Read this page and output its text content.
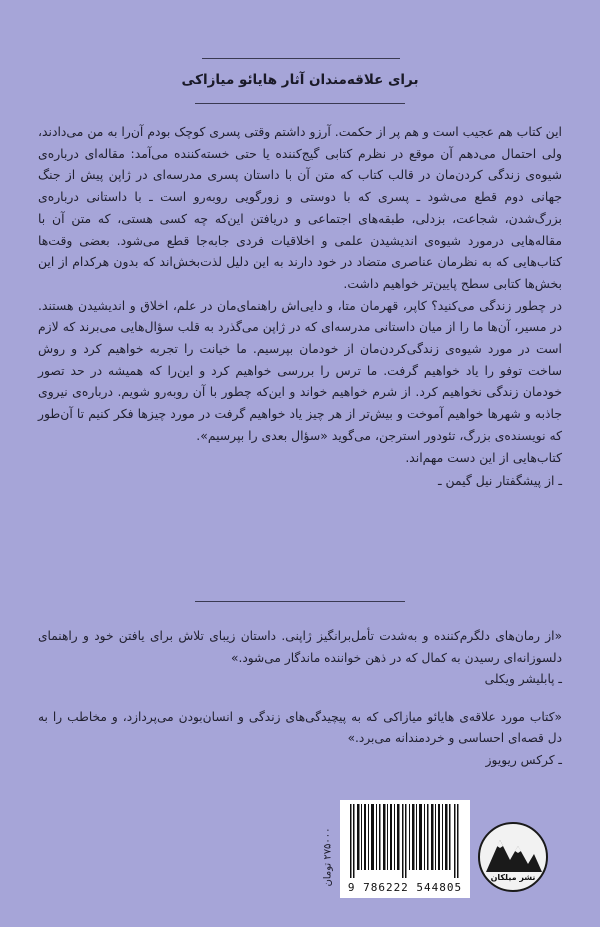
برای علاقه‌مندان آثار هایائو میازاکی

این کتاب هم عجیب است و هم پر از حکمت. آرزو داشتم وقتی پسری کوچک بودم آن‌را به من می‌دادند، ولی احتمال می‌دهم آن موقع در نظرم کتابی گیج‌کننده یا حتی خسته‌کننده می‌آمد: مقاله‌ای درباره‌ی شیوه‌ی زندگی کردن‌مان در قالب کتاب که متن آن با داستان پسری مدرسه‌ای در ژاپن پیش از جنگ جهانی دوم قطع می‌شود ـ پسری که با دوستی و زورگویی روبه‌رو است ـ با داستانی درباره‌ی بزرگ‌شدن، شجاعت، بزدلی، طبقه‌های اجتماعی و دریافتن این‌که چه کسی هستی، که متن آن با مقاله‌هایی درمورد شیوه‌ی اندیشیدن علمی و اخلاقیات فردی جابه‌جا قطع می‌شود. بعضی وقت‌ها کتاب‌هایی که به نظرمان عناصری متضاد در خود دارند به این دلیل لذت‌بخش‌اند که بدون هرکدام از این بخش‌ها کتابی سطح پایین‌تر خواهیم داشت.

در چطور زندگی می‌کنید؟ کاپر، قهرمان متا، و دایی‌اش راهنمای‌مان در علم، اخلاق و اندیشیدن هستند. در مسیر، آن‌ها ما را از میان داستانی مدرسه‌ای که در ژاپن می‌گذرد به قلب سؤال‌هایی می‌برند که لازم است در مورد شیوه‌ی زندگی‌کردن‌مان از خودمان بپرسیم. ما خیانت را تجربه خواهیم کرد و روش ساخت توفو را یاد خواهیم گرفت. ما ترس را بررسی خواهیم کرد و این‌را که همیشه در حد تصور خودمان زندگی نخواهیم کرد. از شرم خواهیم خواند و این‌که چطور با آن روبه‌رو شویم. درباره‌ی نیروی جاذبه و شهرها خواهیم آموخت و بیش‌تر از هر چیز یاد خواهیم گرفت در مورد چیزها فکر کنیم تا آن‌طور که نویسنده‌ی بزرگ، تئودور استرجن، می‌گوید «سؤال بعدی را بپرسیم».
کتاب‌هایی از این دست مهم‌اند.

ـ از پیشگفتار نیل گیمن ـ

«از رمان‌های دلگرم‌کننده و به‌شدت تأمل‌برانگیز ژاپنی. داستان زیبای تلاش برای یافتن خود و راهنمای دلسوزانه‌ای رسیدن به کمال که در ذهن خواننده ماندگار می‌شود.»

ـ پابلیشر ویکلی

«کتاب مورد علاقه‌ی هایائو میازاکی که به پیچیدگی‌های زندگی و انسان‌بودن می‌پردازد، و مخاطب را به دل قصه‌ای احساسی و خردمندانه می‌برد.»

ـ کرکس ریویوز
۲۷۵۰۰۰ تومان
9 786222 544805
نشر میلکان
